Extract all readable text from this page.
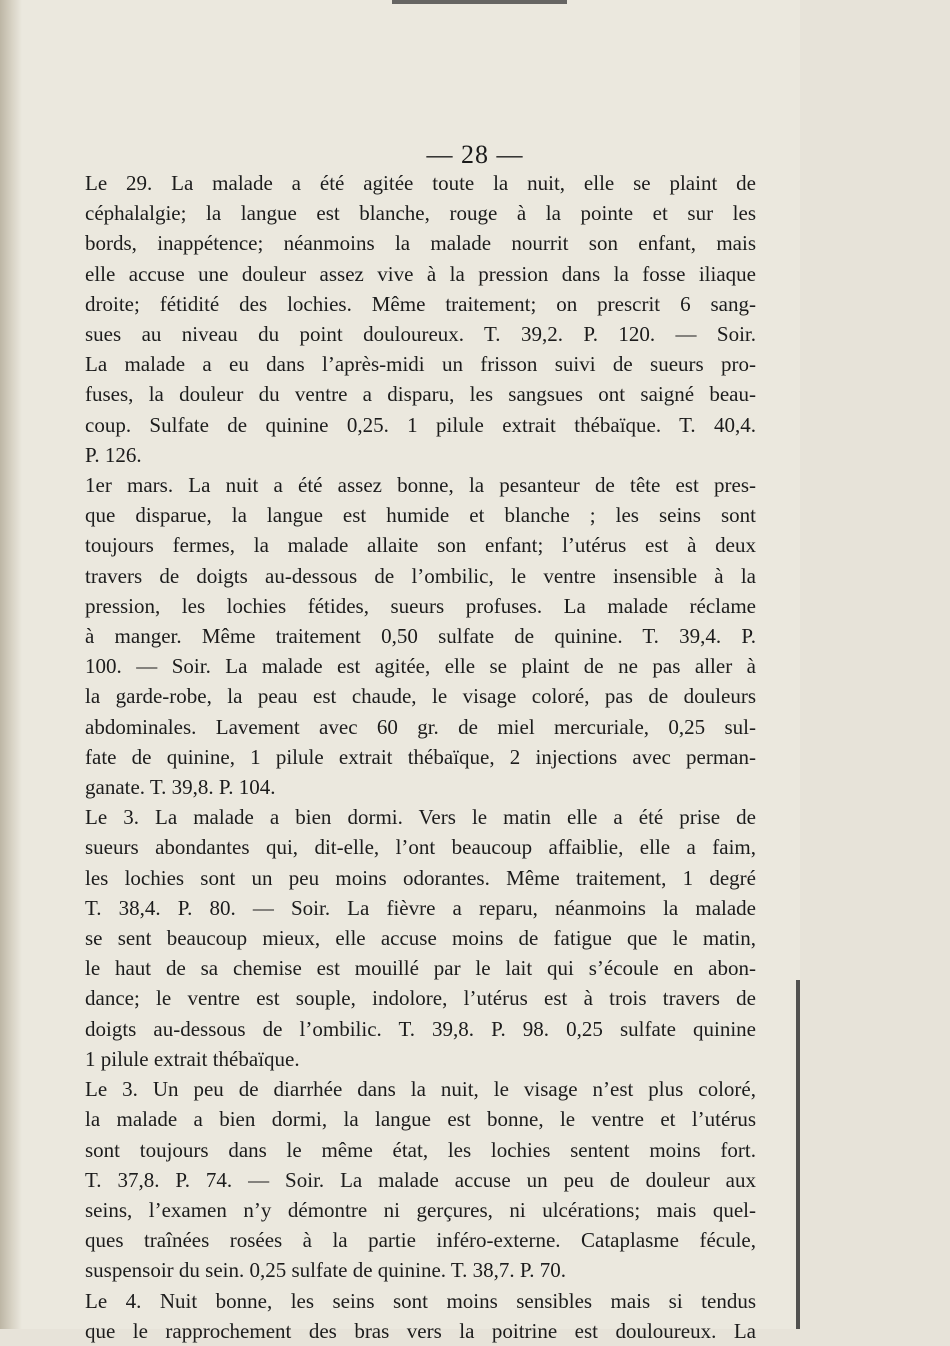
— 28 —

Le 29. La malade a été agitée toute la nuit, elle se plaint de
céphalalgie; la langue est blanche, rouge à la pointe et sur les
bords, inappétence; néanmoins la malade nourrit son enfant, mais
elle accuse une douleur assez vive à la pression dans la fosse iliaque
droite; fétidité des lochies. Même traitement; on prescrit 6 sang-
sues au niveau du point douloureux. T. 39,2. P. 120. — Soir.
La malade a eu dans l’après-midi un frisson suivi de sueurs pro-
fuses, la douleur du ventre a disparu, les sangsues ont saigné beau-
coup. Sulfate de quinine 0,25. 1 pilule extrait thébaïque. T. 40,4.
P. 126.

1er mars. La nuit a été assez bonne, la pesanteur de tête est pres-
que disparue, la langue est humide et blanche ; les seins sont
toujours fermes, la malade allaite son enfant; l’utérus est à deux
travers de doigts au-dessous de l’ombilic, le ventre insensible à la
pression, les lochies fétides, sueurs profuses. La malade réclame
à manger. Même traitement 0,50 sulfate de quinine. T. 39,4. P.
100. — Soir. La malade est agitée, elle se plaint de ne pas aller à
la garde-robe, la peau est chaude, le visage coloré, pas de douleurs
abdominales. Lavement avec 60 gr. de miel mercuriale, 0,25 sul-
fate de quinine, 1 pilule extrait thébaïque, 2 injections avec perman-
ganate. T. 39,8. P. 104.

Le 3. La malade a bien dormi. Vers le matin elle a été prise de
sueurs abondantes qui, dit-elle, l’ont beaucoup affaiblie, elle a faim,
les lochies sont un peu moins odorantes. Même traitement, 1 degré
T. 38,4. P. 80. — Soir. La fièvre a reparu, néanmoins la malade
se sent beaucoup mieux, elle accuse moins de fatigue que le matin,
le haut de sa chemise est mouillé par le lait qui s’écoule en abon-
dance; le ventre est souple, indolore, l’utérus est à trois travers de
doigts au-dessous de l’ombilic. T. 39,8. P. 98. 0,25 sulfate quinine
1 pilule extrait thébaïque.

Le 3. Un peu de diarrhée dans la nuit, le visage n’est plus coloré,
la malade a bien dormi, la langue est bonne, le ventre et l’utérus
sont toujours dans le même état, les lochies sentent moins fort.
T. 37,8. P. 74. — Soir. La malade accuse un peu de douleur aux
seins, l’examen n’y démontre ni gerçures, ni ulcérations; mais quel-
ques traînées rosées à la partie inféro-externe. Cataplasme fécule,
suspensoir du sein. 0,25 sulfate de quinine. T. 38,7. P. 70.

Le 4. Nuit bonne, les seins sont moins sensibles mais si tendus
que le rapprochement des bras vers la poitrine est douloureux. La
